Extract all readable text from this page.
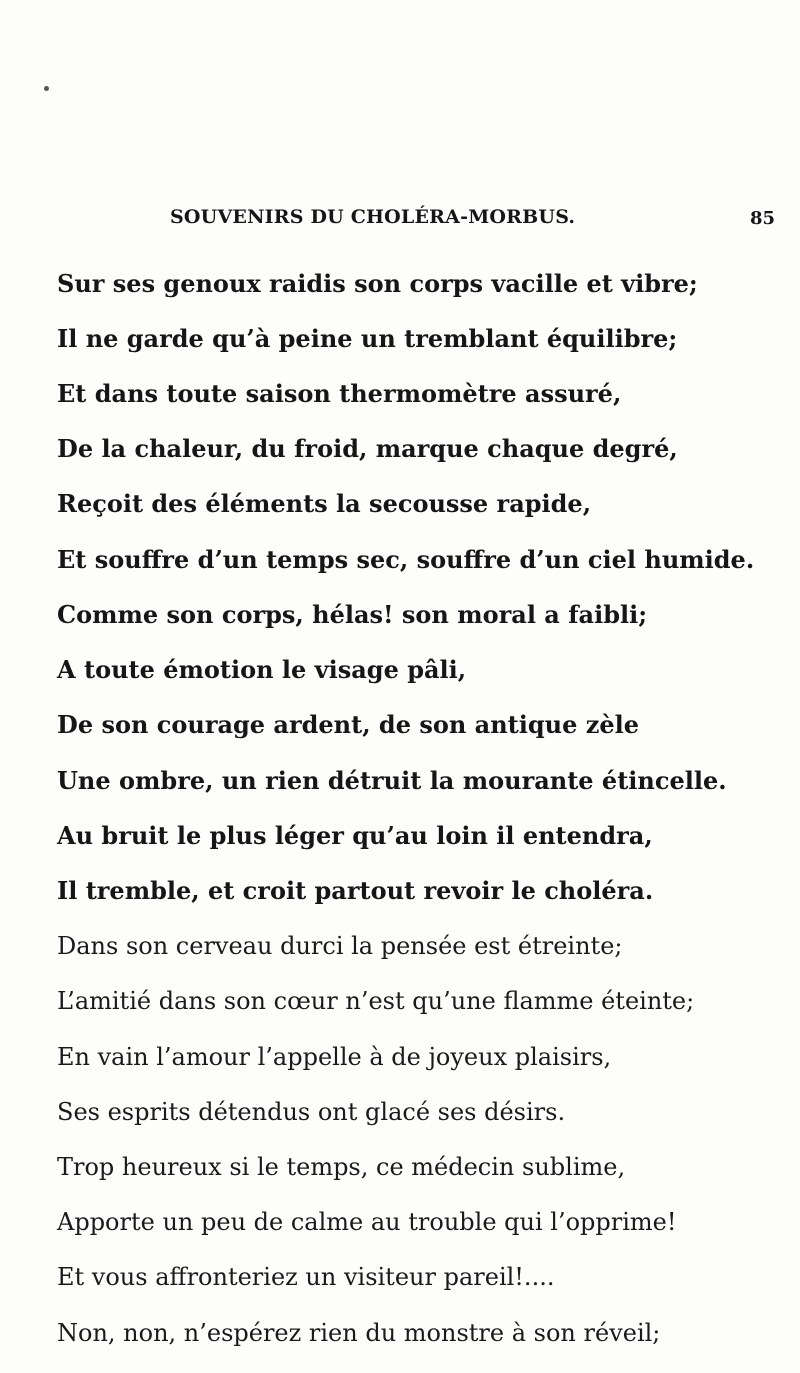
SOUVENIRS DU CHOLÉRA-MORBUS.	85
Sur ses genoux raidis son corps vacille et vibre;
Il ne garde qu’à peine un tremblant équilibre;
Et dans toute saison thermomètre assuré,
De la chaleur, du froid, marque chaque degré,
Reçoit des éléments la secousse rapide,
Et souffre d’un temps sec, souffre d’un ciel humide.
Comme son corps, hélas! son moral a faibli;
A toute émotion le visage pâli,
De son courage ardent, de son antique zèle
Une ombre, un rien détruit la mourante étincelle.
Au bruit le plus léger qu’au loin il entendra,
Il tremble, et croit partout revoir le choléra.
Dans son cerveau durci la pensée est étreinte;
L’amitié dans son cœur n’est qu’une flamme éteinte;
En vain l’amour l’appelle à de joyeux plaisirs,
Ses esprits détendus ont glacé ses désirs.
Trop heureux si le temps, ce médecin sublime,
Apporte un peu de calme au trouble qui l’opprime!
Et vous affronteriez un visiteur pareil!....
Non, non, n’espérez rien du monstre à son réveil;
